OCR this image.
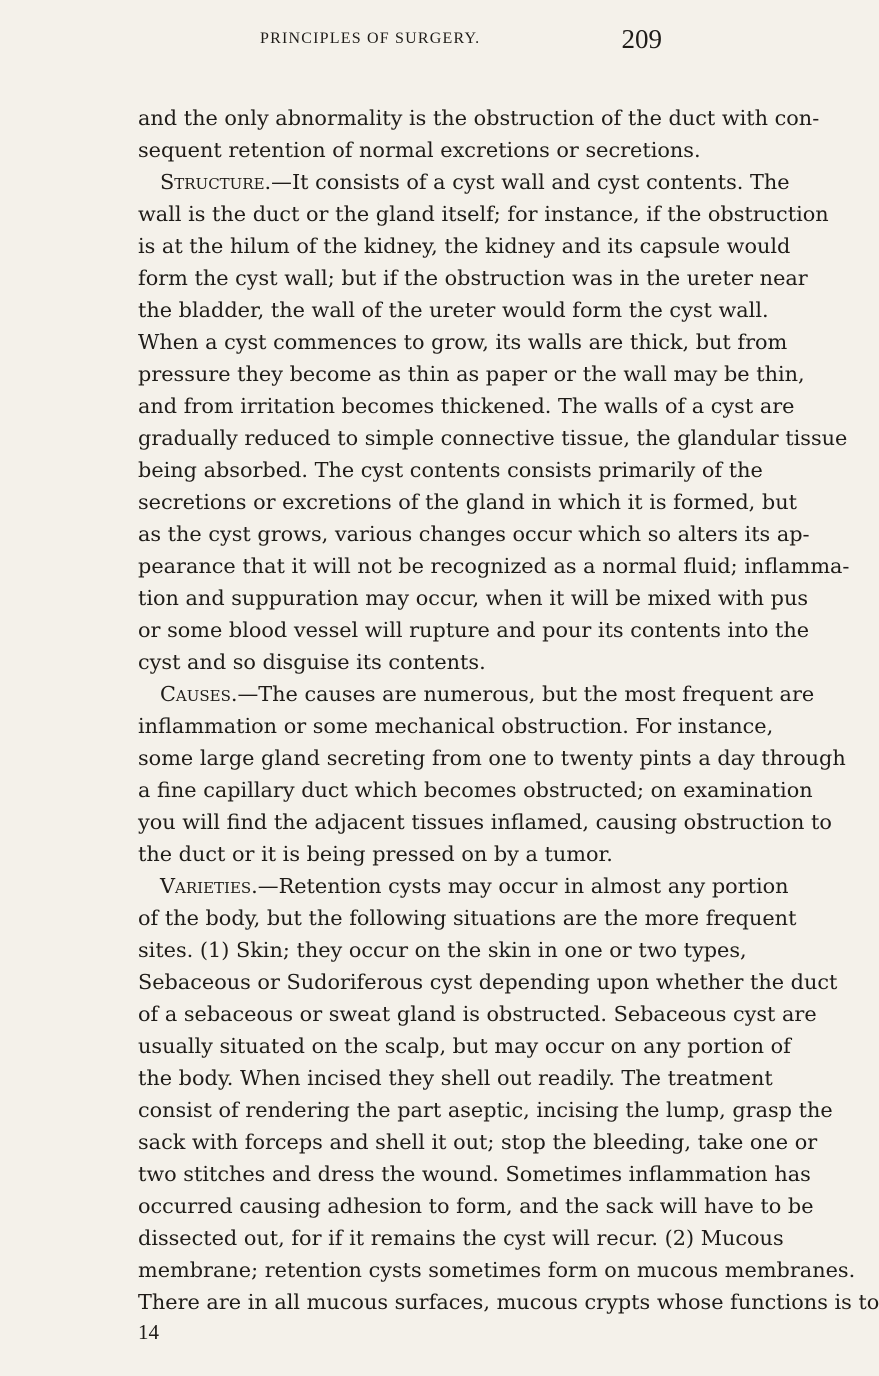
PRINCIPLES OF SURGERY.	209
and the only abnormality is the obstruction of the duct with con-
sequent retention of normal excretions or secretions.
Structure.—It consists of a cyst wall and cyst contents. The
wall is the duct or the gland itself; for instance, if the obstruction
is at the hilum of the kidney, the kidney and its capsule would
form the cyst wall; but if the obstruction was in the ureter near
the bladder, the wall of the ureter would form the cyst wall.
When a cyst commences to grow, its walls are thick, but from
pressure they become as thin as paper or the wall may be thin,
and from irritation becomes thickened. The walls of a cyst are
gradually reduced to simple connective tissue, the glandular tissue
being absorbed. The cyst contents consists primarily of the
secretions or excretions of the gland in which it is formed, but
as the cyst grows, various changes occur which so alters its ap-
pearance that it will not be recognized as a normal fluid; inflamma-
tion and suppuration may occur, when it will be mixed with pus
or some blood vessel will rupture and pour its contents into the
cyst and so disguise its contents.
Causes.—The causes are numerous, but the most frequent are
inflammation or some mechanical obstruction. For instance,
some large gland secreting from one to twenty pints a day through
a fine capillary duct which becomes obstructed; on examination
you will find the adjacent tissues inflamed, causing obstruction to
the duct or it is being pressed on by a tumor.
Varieties.—Retention cysts may occur in almost any portion
of the body, but the following situations are the more frequent
sites. (1) Skin; they occur on the skin in one or two types,
Sebaceous or Sudoriferous cyst depending upon whether the duct
of a sebaceous or sweat gland is obstructed. Sebaceous cyst are
usually situated on the scalp, but may occur on any portion of
the body. When incised they shell out readily. The treatment
consist of rendering the part aseptic, incising the lump, grasp the
sack with forceps and shell it out; stop the bleeding, take one or
two stitches and dress the wound. Sometimes inflammation has
occurred causing adhesion to form, and the sack will have to be
dissected out, for if it remains the cyst will recur. (2) Mucous
membrane; retention cysts sometimes form on mucous membranes.
There are in all mucous surfaces, mucous crypts whose functions is to
14
